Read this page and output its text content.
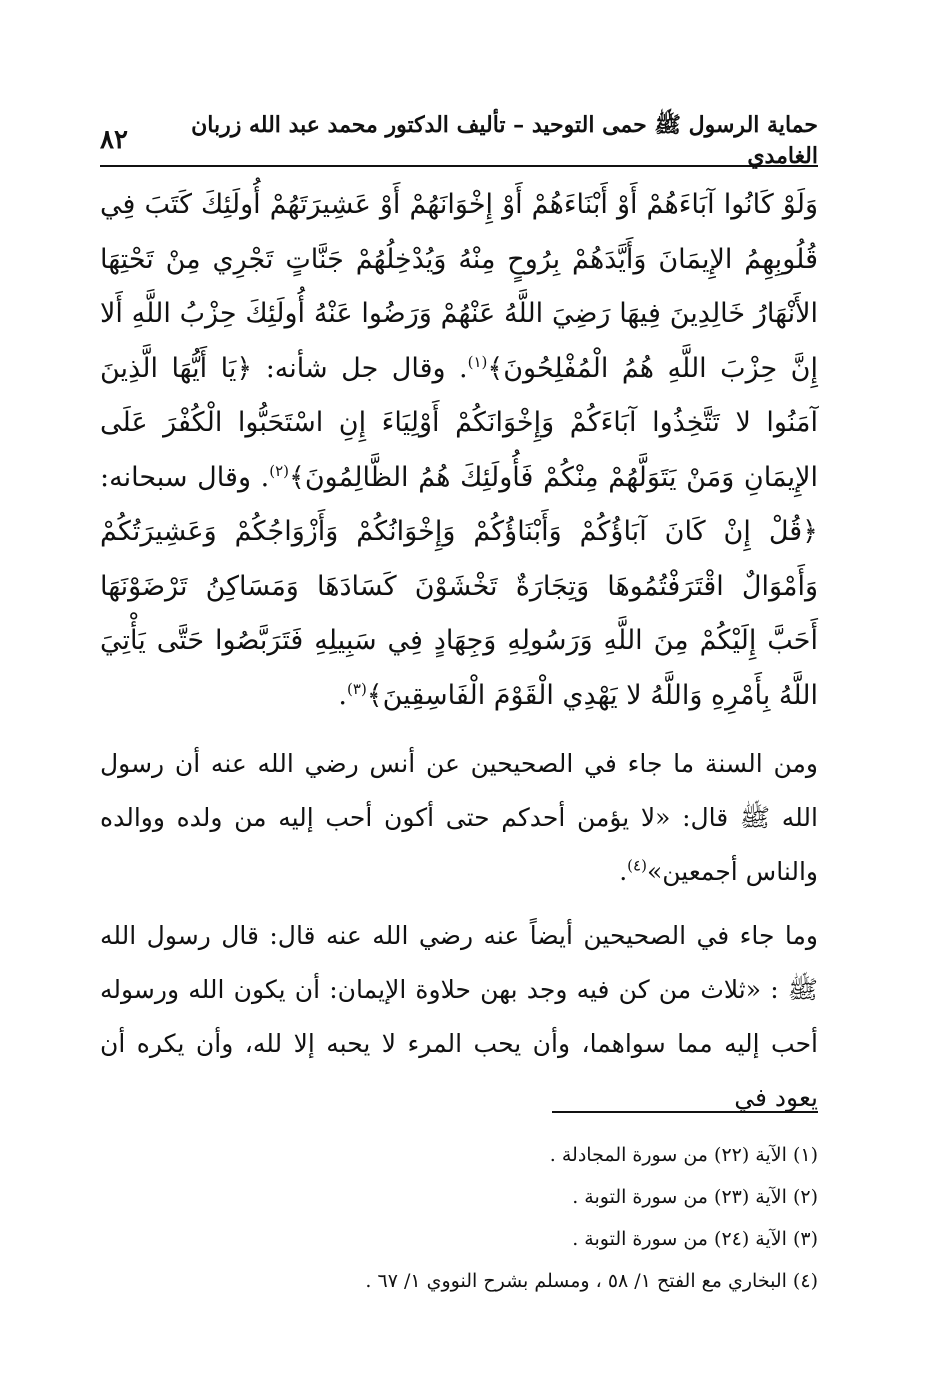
حماية الرسول ﷺ حمى التوحيد – تأليف الدكتور محمد عبد الله زربان الغامدي
٨٢

وَلَوْ كَانُوا آبَاءَهُمْ أَوْ أَبْنَاءَهُمْ أَوْ إِخْوَانَهُمْ أَوْ عَشِيرَتَهُمْ أُولَئِكَ كَتَبَ فِي قُلُوبِهِمُ الإِيمَانَ وَأَيَّدَهُمْ بِرُوحٍ مِنْهُ وَيُدْخِلُهُمْ جَنَّاتٍ تَجْرِي مِنْ تَحْتِهَا الأَنْهَارُ خَالِدِينَ فِيهَا رَضِيَ اللَّهُ عَنْهُمْ وَرَضُوا عَنْهُ أُولَئِكَ حِزْبُ اللَّهِ أَلا إِنَّ حِزْبَ اللَّهِ هُمُ الْمُفْلِحُونَ﴾$^{(١)}$. وقال جل شأنه: ﴿يَا أَيُّهَا الَّذِينَ آمَنُوا لا تَتَّخِذُوا آبَاءَكُمْ وَإِخْوَانَكُمْ أَوْلِيَاءَ إِنِ اسْتَحَبُّوا الْكُفْرَ عَلَى الإِيمَانِ وَمَنْ يَتَوَلَّهُمْ مِنْكُمْ فَأُولَئِكَ هُمُ الظَّالِمُونَ﴾$^{(٢)}$. وقال سبحانه: ﴿قُلْ إِنْ كَانَ آبَاؤُكُمْ وَأَبْنَاؤُكُمْ وَإِخْوَانُكُمْ وَأَزْوَاجُكُمْ وَعَشِيرَتُكُمْ وَأَمْوَالٌ اقْتَرَفْتُمُوهَا وَتِجَارَةٌ تَخْشَوْنَ كَسَادَهَا وَمَسَاكِنُ تَرْضَوْنَهَا أَحَبَّ إِلَيْكُمْ مِنَ اللَّهِ وَرَسُولِهِ وَجِهَادٍ فِي سَبِيلِهِ فَتَرَبَّصُوا حَتَّى يَأْتِيَ اللَّهُ بِأَمْرِهِ وَاللَّهُ لا يَهْدِي الْقَوْمَ الْفَاسِقِينَ﴾$^{(٣)}$.

ومن السنة ما جاء في الصحيحين عن أنس رضي الله عنه أن رسول الله ﷺ قال: «لا يؤمن أحدكم حتى أكون أحب إليه من ولده ووالده والناس أجمعين»$^{(٤)}$.

وما جاء في الصحيحين أيضاً عنه رضي الله عنه قال: قال رسول الله ﷺ : «ثلاث من كن فيه وجد بهن حلاوة الإيمان: أن يكون الله ورسوله أحب إليه مما سواهما، وأن يحب المرء لا يحبه إلا لله، وأن يكره أن يعود في

(١) الآية (٢٢) من سورة المجادلة .
(٢) الآية (٢٣) من سورة التوبة .
(٣) الآية (٢٤) من سورة التوبة .
(٤) البخاري مع الفتح ١/ ٥٨ ، ومسلم بشرح النووي ١/ ٦٧ .
